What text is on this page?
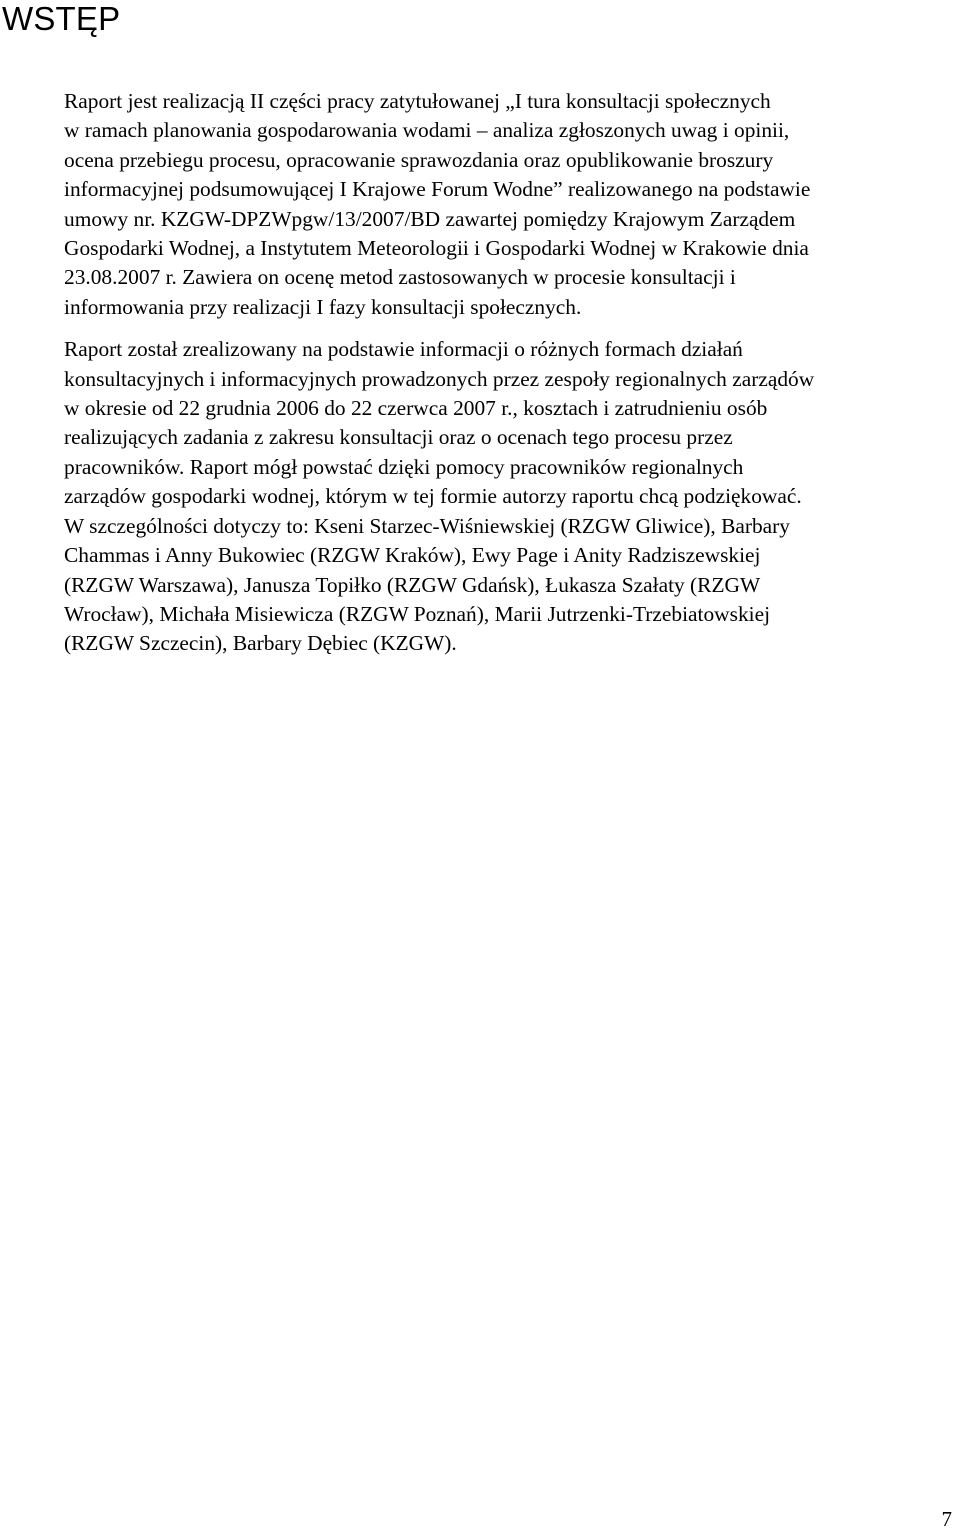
WSTĘP

Raport jest realizacją II części pracy zatytułowanej „I tura konsultacji społecznych
w ramach planowania gospodarowania wodami – analiza zgłoszonych uwag i opinii,
ocena przebiegu procesu, opracowanie sprawozdania oraz opublikowanie broszury
informacyjnej podsumowującej I Krajowe Forum Wodne” realizowanego na podstawie
umowy nr. KZGW-DPZWpgw/13/2007/BD zawartej pomiędzy Krajowym Zarządem
Gospodarki Wodnej, a Instytutem Meteorologii i Gospodarki Wodnej w Krakowie dnia
23.08.2007 r. Zawiera on ocenę metod zastosowanych w procesie konsultacji i
informowania przy realizacji I fazy konsultacji społecznych.

Raport został zrealizowany na podstawie informacji o różnych formach działań
konsultacyjnych i informacyjnych prowadzonych przez zespoły regionalnych zarządów
w okresie od 22 grudnia 2006 do 22 czerwca 2007 r., kosztach i zatrudnieniu osób
realizujących zadania z zakresu konsultacji oraz o ocenach tego procesu przez
pracowników. Raport mógł powstać dzięki pomocy pracowników regionalnych
zarządów gospodarki wodnej, którym w tej formie autorzy raportu chcą podziękować.
W szczególności dotyczy to: Kseni Starzec-Wiśniewskiej (RZGW Gliwice), Barbary
Chammas i Anny Bukowiec (RZGW Kraków), Ewy Page i Anity Radziszewskiej
(RZGW Warszawa), Janusza Topiłko (RZGW Gdańsk), Łukasza Szałaty (RZGW
Wrocław), Michała Misiewicza (RZGW Poznań), Marii Jutrzenki-Trzebiatowskiej
(RZGW Szczecin), Barbary Dębiec (KZGW).

7
